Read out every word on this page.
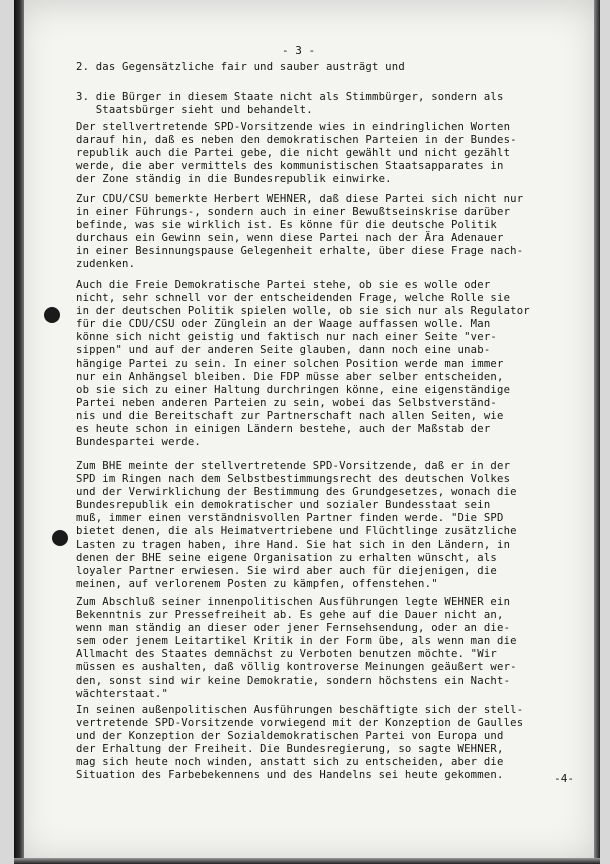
- 3 -
2. das Gegensätzliche fair und sauber austrägt und
3. die Bürger in diesem Staate nicht als Stimmbürger, sondern als
Staatsbürger sieht und behandelt.
Der stellvertretende SPD-Vorsitzende wies in eindringlichen Worten
darauf hin, daß es neben den demokratischen Parteien in der Bundes-
republik auch die Partei gebe, die nicht gewählt und nicht gezählt
werde, die aber vermittels des kommunistischen Staatsapparates in
der Zone ständig in die Bundesrepublik einwirke.
Zur CDU/CSU bemerkte Herbert WEHNER, daß diese Partei sich nicht nur
in einer Führungs-, sondern auch in einer Bewußtseinskrise darüber
befinde, was sie wirklich ist. Es könne für die deutsche Politik
durchaus ein Gewinn sein, wenn diese Partei nach der Ära Adenauer
in einer Besinnungspause Gelegenheit erhalte, über diese Frage nach-
zudenken.
Auch die Freie Demokratische Partei stehe, ob sie es wolle oder
nicht, sehr schnell vor der entscheidenden Frage, welche Rolle sie
in der deutschen Politik spielen wolle, ob sie sich nur als Regulator
für die CDU/CSU oder Zünglein an der Waage auffassen wolle. Man
könne sich nicht geistig und faktisch nur nach einer Seite "ver-
sippen" und auf der anderen Seite glauben, dann noch eine unab-
hängige Partei zu sein. In einer solchen Position werde man immer
nur ein Anhängsel bleiben. Die FDP müsse aber selber entscheiden,
ob sie sich zu einer Haltung durchringen könne, eine eigenständige
Partei neben anderen Parteien zu sein, wobei das Selbstverständ-
nis und die Bereitschaft zur Partnerschaft nach allen Seiten, wie
es heute schon in einigen Ländern bestehe, auch der Maßstab der
Bundespartei werde.
Zum BHE meinte der stellvertretende SPD-Vorsitzende, daß er in der
SPD im Ringen nach dem Selbstbestimmungsrecht des deutschen Volkes
und der Verwirklichung der Bestimmung des Grundgesetzes, wonach die
Bundesrepublik ein demokratischer und sozialer Bundesstaat sein
muß, immer einen verständnisvollen Partner finden werde. "Die SPD
bietet denen, die als Heimatvertriebene und Flüchtlinge zusätzliche
Lasten zu tragen haben, ihre Hand. Sie hat sich in den Ländern, in
denen der BHE seine eigene Organisation zu erhalten wünscht, als
loyaler Partner erwiesen. Sie wird aber auch für diejenigen, die
meinen, auf verlorenem Posten zu kämpfen, offenstehen."
Zum Abschluß seiner innenpolitischen Ausführungen legte WEHNER ein
Bekenntnis zur Pressefreiheit ab. Es gehe auf die Dauer nicht an,
wenn man ständig an dieser oder jener Fernsehsendung, oder an die-
sem oder jenem Leitartikel Kritik in der Form übe, als wenn man die
Allmacht des Staates demnächst zu Verboten benutzen möchte. "Wir
müssen es aushalten, daß völlig kontroverse Meinungen geäußert wer-
den, sonst sind wir keine Demokratie, sondern höchstens ein Nacht-
wächterstaat."
In seinen außenpolitischen Ausführungen beschäftigte sich der stell-
vertretende SPD-Vorsitzende vorwiegend mit der Konzeption de Gaulles
und der Konzeption der Sozialdemokratischen Partei von Europa und
der Erhaltung der Freiheit. Die Bundesregierung, so sagte WEHNER,
mag sich heute noch winden, anstatt sich zu entscheiden, aber die
Situation des Farbebekennens und des Handelns sei heute gekommen.	-4-
